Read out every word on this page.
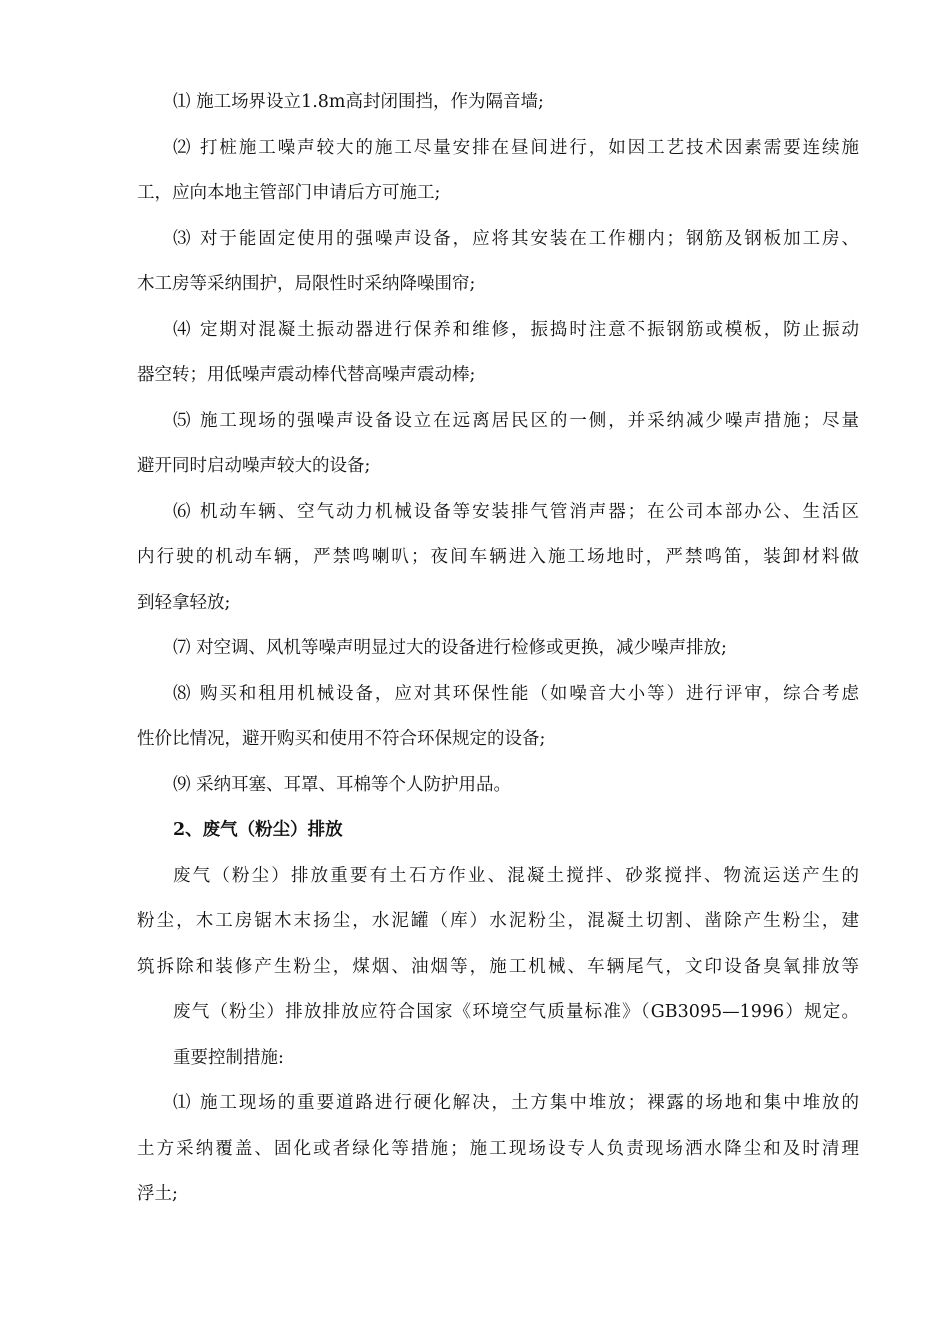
⑴ 施工场界设立1.8m高封闭围挡，作为隔音墙;
⑵ 打桩施工噪声较大的施工尽量安排在昼间进行，如因工艺技术因素需要连续施
工，应向本地主管部门申请后方可施工;
⑶ 对于能固定使用的强噪声设备，应将其安装在工作棚内；钢筋及钢板加工房、
木工房等采纳围护，局限性时采纳降噪围帘;
⑷ 定期对混凝土振动器进行保养和维修，振捣时注意不振钢筋或模板，防止振动
器空转；用低噪声震动棒代替高噪声震动棒;
⑸ 施工现场的强噪声设备设立在远离居民区的一侧，并采纳减少噪声措施；尽量
避开同时启动噪声较大的设备;
⑹ 机动车辆、空气动力机械设备等安装排气管消声器；在公司本部办公、生活区
内行驶的机动车辆，严禁鸣喇叭；夜间车辆进入施工场地时，严禁鸣笛，装卸材料做
到轻拿轻放;
⑺ 对空调、风机等噪声明显过大的设备进行检修或更换，减少噪声排放;
⑻ 购买和租用机械设备，应对其环保性能（如噪音大小等）进行评审，综合考虑
性价比情况，避开购买和使用不符合环保规定的设备;
⑼ 采纳耳塞、耳罩、耳棉等个人防护用品。
2、废气（粉尘）排放
废气（粉尘）排放重要有土石方作业、混凝土搅拌、砂浆搅拌、物流运送产生的
粉尘，木工房锯木末扬尘，水泥罐（库）水泥粉尘，混凝土切割、凿除产生粉尘，建
筑拆除和装修产生粉尘，煤烟、油烟等，施工机械、车辆尾气，文印设备臭氧排放等
废气（粉尘）排放排放应符合国家《环境空气质量标准》（GB3095—1996）规定。
重要控制措施:
⑴ 施工现场的重要道路进行硬化解决，土方集中堆放；裸露的场地和集中堆放的
土方采纳覆盖、固化或者绿化等措施；施工现场设专人负责现场洒水降尘和及时清理
浮土;
